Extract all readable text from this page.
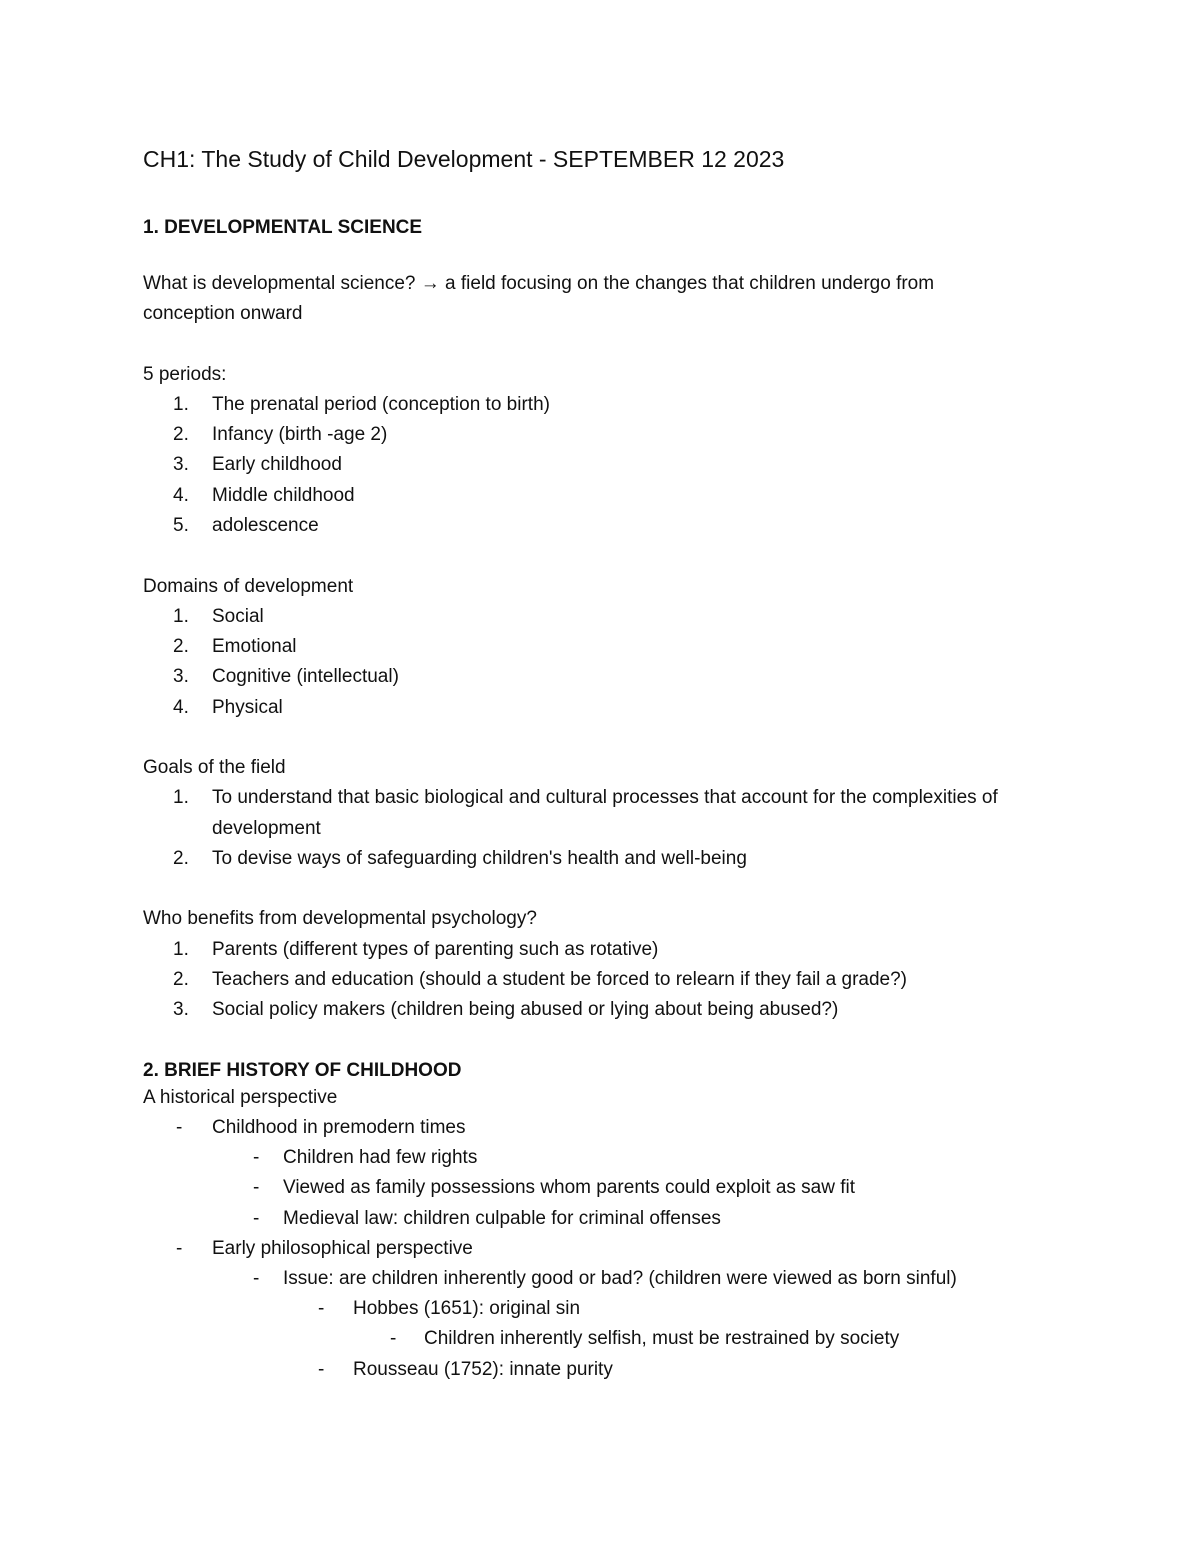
CH1: The Study of Child Development - SEPTEMBER 12 2023
1. DEVELOPMENTAL SCIENCE
What is developmental science? → a field focusing on the changes that children undergo from
conception onward
5 periods:
1. The prenatal period (conception to birth)
2. Infancy (birth -age 2)
3. Early childhood
4. Middle childhood
5. adolescence
Domains of development
1. Social
2. Emotional
3. Cognitive (intellectual)
4. Physical
Goals of the field
1. To understand that basic biological and cultural processes that account for the complexities of
development
2. To devise ways of safeguarding children's health and well-being
Who benefits from developmental psychology?
1. Parents (different types of parenting such as rotative)
2. Teachers and education (should a student be forced to relearn if they fail a grade?)
3. Social policy makers (children being abused or lying about being abused?)
2. BRIEF HISTORY OF CHILDHOOD
A historical perspective
- Childhood in premodern times
- Children had few rights
- Viewed as family possessions whom parents could exploit as saw fit
- Medieval law: children culpable for criminal offenses
- Early philosophical perspective
- Issue: are children inherently good or bad? (children were viewed as born sinful)
- Hobbes (1651): original sin
- Children inherently selfish, must be restrained by society
- Rousseau (1752): innate purity
